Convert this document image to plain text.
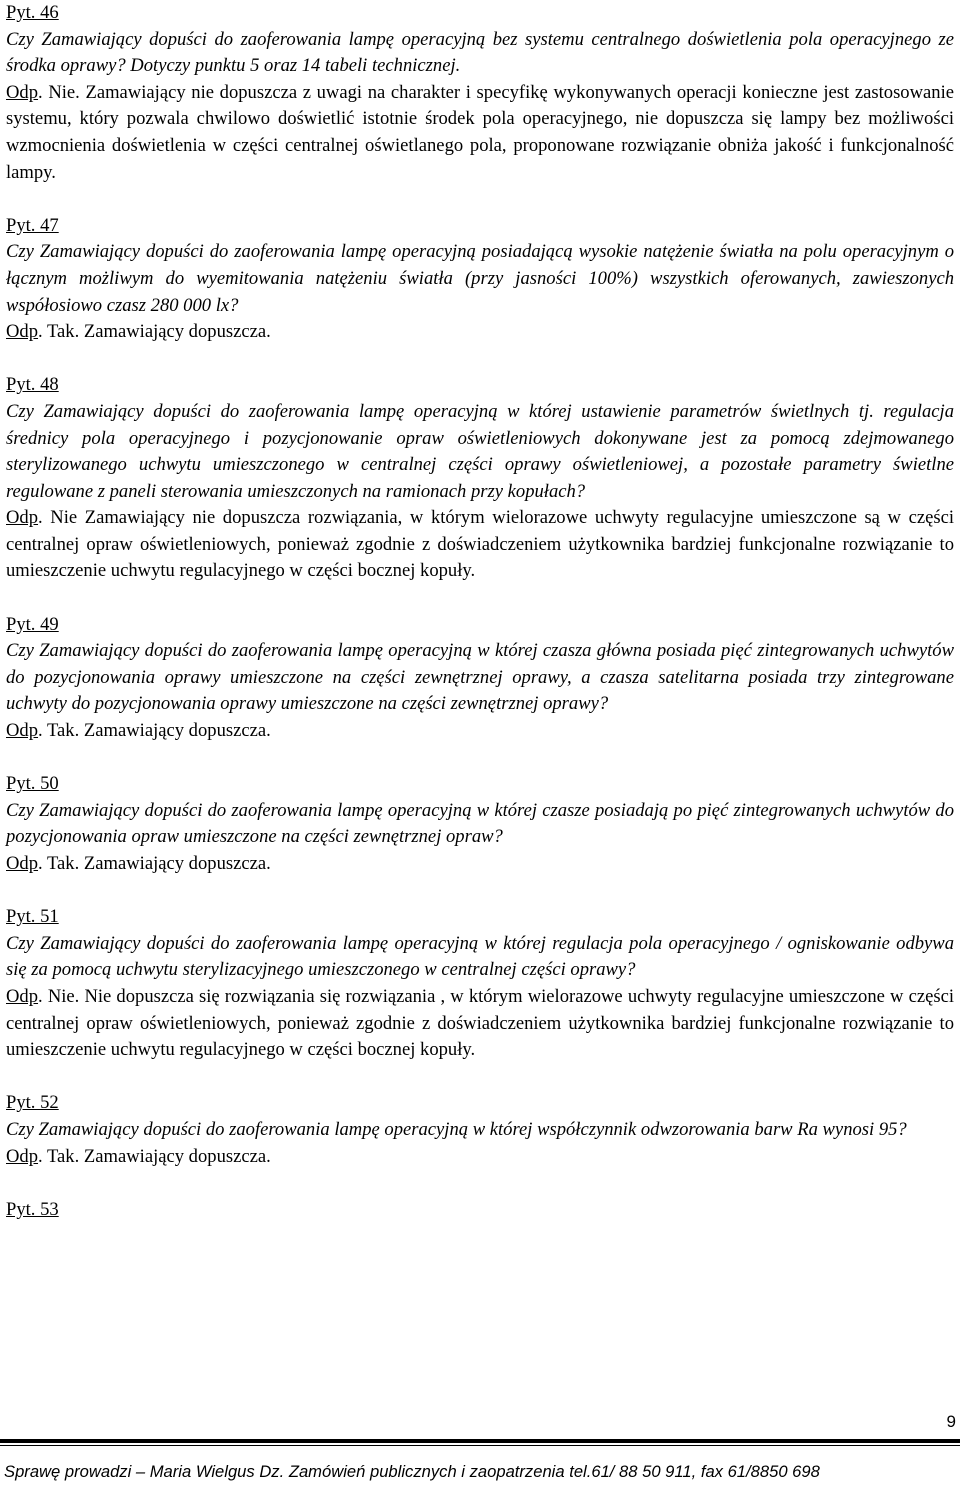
Pyt. 46

Czy Zamawiający dopuści do zaoferowania lampę operacyjną bez systemu centralnego doświetlenia pola operacyjnego ze środka oprawy? Dotyczy punktu 5 oraz 14 tabeli technicznej.

Odp. Nie. Zamawiający nie dopuszcza z uwagi na charakter i specyfikę wykonywanych operacji konieczne jest zastosowanie systemu, który pozwala chwilowo doświetlić istotnie środek pola operacyjnego, nie dopuszcza się lampy bez możliwości wzmocnienia doświetlenia w części centralnej oświetlanego pola, proponowane rozwiązanie obniża jakość i funkcjonalność lampy.

Pyt. 47

Czy Zamawiający dopuści do zaoferowania lampę operacyjną posiadającą wysokie natężenie światła na polu operacyjnym o łącznym możliwym do wyemitowania natężeniu światła (przy jasności 100%) wszystkich oferowanych, zawieszonych współosiowo czasz 280 000 lx?

Odp. Tak. Zamawiający dopuszcza.

Pyt. 48

Czy Zamawiający dopuści do zaoferowania lampę operacyjną w której ustawienie parametrów świetlnych tj. regulacja średnicy pola operacyjnego i pozycjonowanie opraw oświetleniowych dokonywane jest za pomocą zdejmowanego sterylizowanego uchwytu umieszczonego w centralnej części oprawy oświetleniowej, a pozostałe parametry świetlne regulowane z paneli sterowania umieszczonych na ramionach przy kopułach?

Odp. Nie Zamawiający nie dopuszcza rozwiązania, w którym wielorazowe uchwyty regulacyjne umieszczone są w części centralnej opraw oświetleniowych, ponieważ zgodnie z doświadczeniem użytkownika bardziej funkcjonalne rozwiązanie to umieszczenie uchwytu regulacyjnego w części bocznej kopuły.

Pyt. 49

Czy Zamawiający dopuści do zaoferowania lampę operacyjną w której czasza główna posiada pięć zintegrowanych uchwytów do pozycjonowania oprawy umieszczone na części zewnętrznej oprawy, a czasza satelitarna posiada trzy zintegrowane uchwyty do pozycjonowania oprawy umieszczone na części zewnętrznej oprawy?

Odp. Tak. Zamawiający dopuszcza.

Pyt. 50

Czy Zamawiający dopuści do zaoferowania lampę operacyjną w której czasze posiadają po pięć zintegrowanych uchwytów do pozycjonowania opraw umieszczone na części zewnętrznej opraw?

Odp. Tak. Zamawiający dopuszcza.

Pyt. 51

Czy Zamawiający dopuści do zaoferowania lampę operacyjną w której regulacja pola operacyjnego / ogniskowanie odbywa się za pomocą uchwytu sterylizacyjnego umieszczonego w centralnej części oprawy?

Odp. Nie. Nie dopuszcza się rozwiązania się rozwiązania , w którym wielorazowe uchwyty regulacyjne umieszczone w części centralnej opraw oświetleniowych, ponieważ zgodnie z doświadczeniem użytkownika bardziej funkcjonalne rozwiązanie to umieszczenie uchwytu regulacyjnego w części bocznej kopuły.

Pyt. 52

Czy Zamawiający dopuści do zaoferowania lampę operacyjną w której współczynnik odwzorowania barw Ra wynosi 95?

Odp. Tak. Zamawiający dopuszcza.

Pyt. 53

9
Sprawę prowadzi – Maria Wielgus Dz. Zamówień publicznych i zaopatrzenia tel.61/ 88 50 911, fax 61/8850 698
